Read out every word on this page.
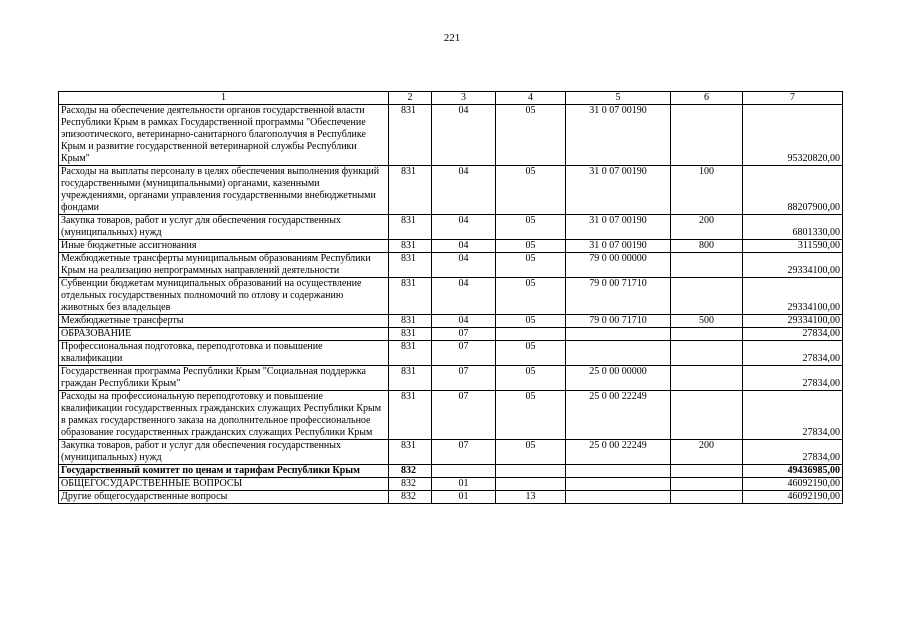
221
1	2	3	4	5	6	7
Расходы на обеспечение деятельности органов государственной власти Республики Крым в рамках Государственной программы "Обеспечение эпизоотического, ветеринарно-санитарного благополучия в Республике Крым и развитие государственной ветеринарной службы Республики Крым"	831	04	05	31 0 07 00190		95320820,00
Расходы на выплаты персоналу в целях обеспечения выполнения функций государственными (муниципальными) органами, казенными учреждениями, органами управления государственными внебюджетными фондами	831	04	05	31 0 07 00190	100	88207900,00
Закупка товаров, работ и услуг для обеспечения государственных (муниципальных) нужд	831	04	05	31 0 07 00190	200	6801330,00
Иные бюджетные ассигнования	831	04	05	31 0 07 00190	800	311590,00
Межбюджетные трансферты муниципальным образованиям Республики Крым на реализацию непрограммных направлений деятельности	831	04	05	79 0 00 00000		29334100,00
Субвенции бюджетам муниципальных образований на осуществление отдельных государственных полномочий по отлову и содержанию животных без владельцев	831	04	05	79 0 00 71710		29334100,00
Межбюджетные трансферты	831	04	05	79 0 00 71710	500	29334100,00
ОБРАЗОВАНИЕ	831	07				27834,00
Профессиональная подготовка, переподготовка и повышение квалификации	831	07	05			27834,00
Государственная программа Республики Крым "Социальная поддержка граждан Республики Крым"	831	07	05	25 0 00 00000		27834,00
Расходы на профессиональную переподготовку и повышение квалификации государственных гражданских служащих Республики Крым в рамках государственного заказа на дополнительное профессиональное образование государственных гражданских служащих Республики Крым	831	07	05	25 0 00 22249		27834,00
Закупка товаров, работ и услуг для обеспечения государственных (муниципальных) нужд	831	07	05	25 0 00 22249	200	27834,00
Государственный комитет по ценам и тарифам Республики Крым	832					49436985,00
ОБЩЕГОСУДАРСТВЕННЫЕ ВОПРОСЫ	832	01				46092190,00
Другие общегосударственные вопросы	832	01	13			46092190,00
